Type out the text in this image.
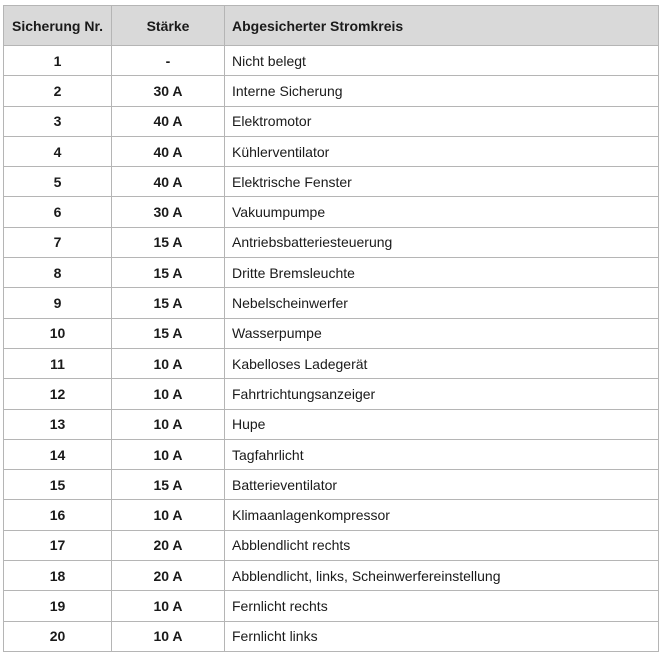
Sicherung Nr.	Stärke	Abgesicherter Stromkreis
1	-	Nicht belegt
2	30 A	Interne Sicherung
3	40 A	Elektromotor
4	40 A	Kühlerventilator
5	40 A	Elektrische Fenster
6	30 A	Vakuumpumpe
7	15 A	Antriebsbatteriesteuerung
8	15 A	Dritte Bremsleuchte
9	15 A	Nebelscheinwerfer
10	15 A	Wasserpumpe
11	10 A	Kabelloses Ladegerät
12	10 A	Fahrtrichtungsanzeiger
13	10 A	Hupe
14	10 A	Tagfahrlicht
15	15 A	Batterieventilator
16	10 A	Klimaanlagenkompressor
17	20 A	Abblendlicht rechts
18	20 A	Abblendlicht, links, Scheinwerfereinstellung
19	10 A	Fernlicht rechts
20	10 A	Fernlicht links
